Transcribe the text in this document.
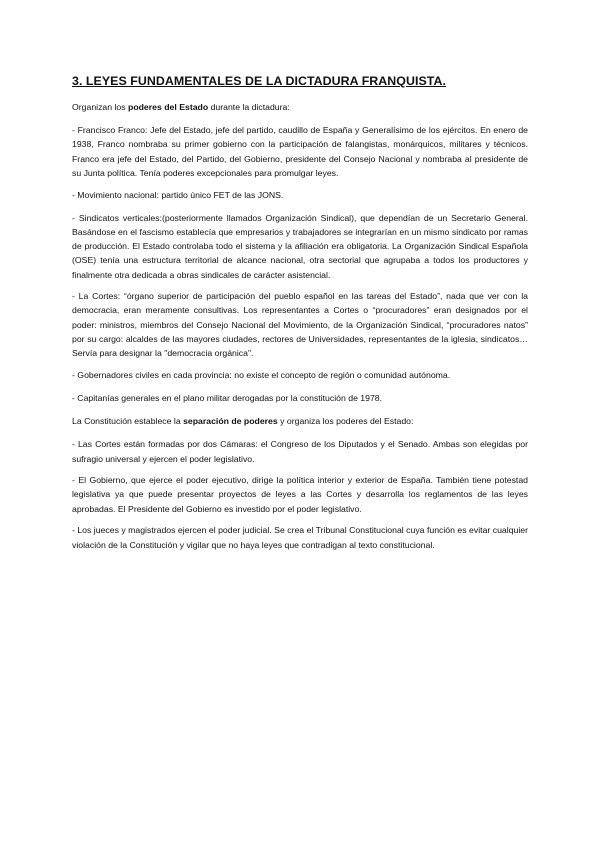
3. LEYES FUNDAMENTALES DE LA DICTADURA FRANQUISTA.

Organizan los poderes del Estado durante la dictadura:

- Francisco Franco: Jefe del Estado, jefe del partido, caudillo de España y Generalísimo de los ejércitos. En enero de 1938, Franco nombraba su primer gobierno con la participación de falangistas, monárquicos, militares y técnicos. Franco era jefe del Estado, del Partido, del Gobierno, presidente del Consejo Nacional y nombraba al presidente de su Junta política. Tenía poderes excepcionales para promulgar leyes.

- Movimiento nacional: partido único FET de las JONS.

- Sindicatos verticales:(posteriormente llamados Organización Sindical), que dependían de un Secretario General. Basándose en el fascismo establecía que empresarios y trabajadores se integrarían en un mismo sindicato por ramas de producción. El Estado controlaba todo el sistema y la afiliación era obligatoria. La Organización Sindical Española (OSE) tenía una estructura territorial de alcance nacional, otra sectorial que agrupaba a todos los productores y finalmente otra dedicada a obras sindicales de carácter asistencial.

- La Cortes: “órgano superior de participación del pueblo español en las tareas del Estado”, nada que ver con la democracia, eran meramente consultivas. Los representantes a Cortes o “procuradores” eran designados por el poder: ministros, miembros del Consejo Nacional del Movimiento, de la Organización Sindical, “procuradores natos” por su cargo: alcaldes de las mayores ciudades, rectores de Universidades, representantes de la iglesia, sindicatos… Servía para designar la "democracia orgánica".

- Gobernadores civiles en cada provincia: no existe el concepto de región o comunidad autónoma.

- Capitanías generales en el plano militar derogadas por la constitución de 1978.

La Constitución establece la separación de poderes y organiza los poderes del Estado:

- Las Cortes están formadas por dos Cámaras: el Congreso de los Diputados y el Senado. Ambas son elegidas por sufragio universal y ejercen el poder legislativo.

- El Gobierno, que ejerce el poder ejecutivo, dirige la política interior y exterior de España. También tiene potestad legislativa ya que puede presentar proyectos de leyes a las Cortes y desarrolla los reglamentos de las leyes aprobadas. El Presidente del Gobierno es investido por el poder legislativo.

- Los jueces y magistrados ejercen el poder judicial. Se crea el Tribunal Constitucional cuya función es evitar cualquier violación de la Constitución y vigilar que no haya leyes que contradigan al texto constitucional.
